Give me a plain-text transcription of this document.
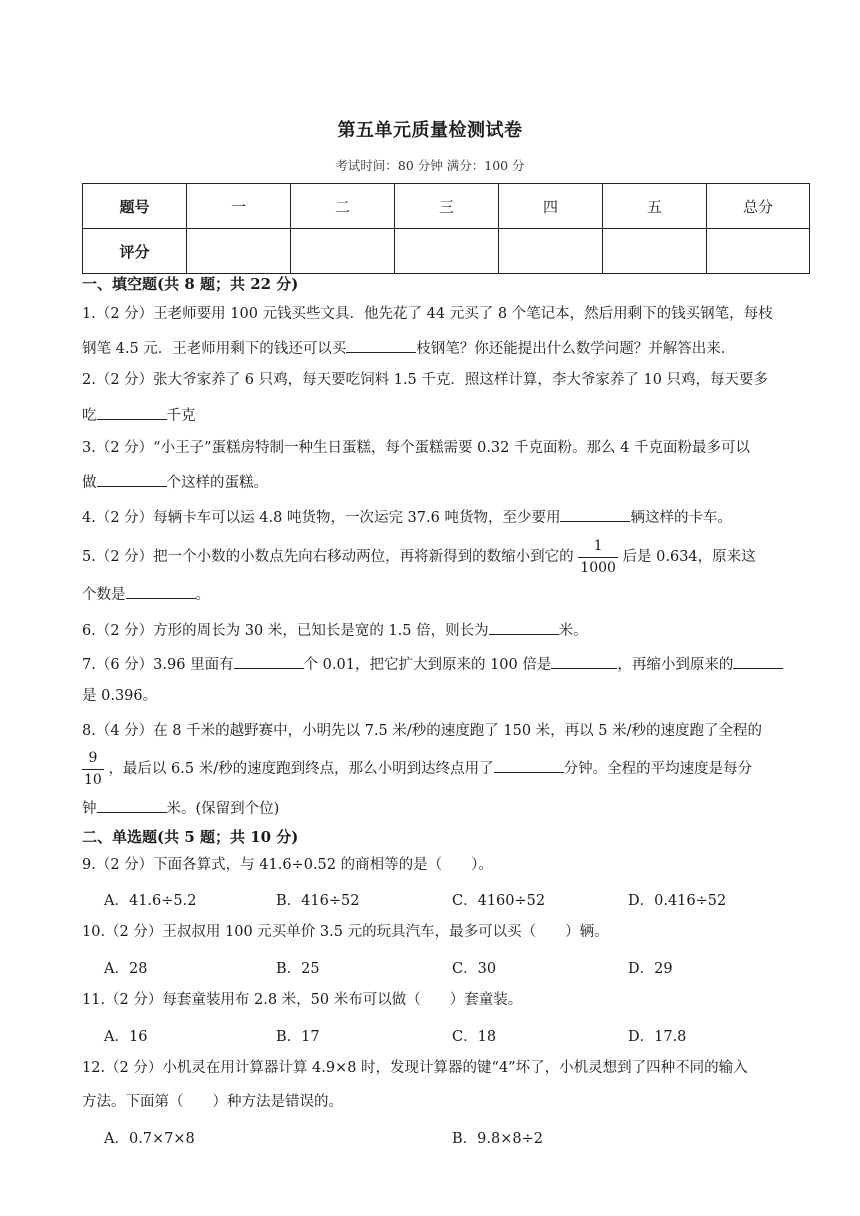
第五单元质量检测试卷
考试时间：80 分钟 满分：100 分
题号	一	二	三	四	五	总分
评分						
一、填空题(共 8 题；共 22 分)
1.（2 分）王老师要用 100 元钱买些文具．他先花了 44 元买了 8 个笔记本，然后用剩下的钱买钢笔，每枝
钢笔 4.5 元．王老师用剩下的钱还可以买	枝钢笔？你还能提出什么数学问题？并解答出来．
2.（2 分）张大爷家养了 6 只鸡，每天要吃饲料 1.5 千克．照这样计算，李大爷家养了 10 只鸡，每天要多
吃	千克
3.（2 分）“小王子”蛋糕房特制一种生日蛋糕，每个蛋糕需要 0.32 千克面粉。那么 4 千克面粉最多可以
做	个这样的蛋糕。
4.（2 分）每辆卡车可以运 4.8 吨货物，一次运完 37.6 吨货物，至少要用	辆这样的卡车。
5.（2 分）把一个小数的小数点先向右移动两位，再将新得到的数缩小到它的 $\frac{1}{1000}$ 后是 0.634，原来这
个数是	。
6.（2 分）方形的周长为 30 米，已知长是宽的 1.5 倍，则长为	米。
7.（6 分）3.96 里面有	个 0.01，把它扩大到原来的 100 倍是	，再缩小到原来的
是 0.396。
8.（4 分）在 8 千米的越野赛中，小明先以 7.5 米/秒的速度跑了 150 米，再以 5 米/秒的速度跑了全程的
$\frac{9}{10}$ ，最后以 6.5 米/秒的速度跑到终点，那么小明到达终点用了	分钟。全程的平均速度是每分
钟	米。(保留到个位)
二、单选题(共 5 题；共 10 分)
9.（2 分）下面各算式，与 41.6÷0.52 的商相等的是（　　）。
A．41.6÷5.2	B．416÷52	C．4160÷52	D．0.416÷52
10.（2 分）王叔叔用 100 元买单价 3.5 元的玩具汽车，最多可以买（　　）辆。
A．28	B．25	C．30	D．29
11.（2 分）每套童装用布 2.8 米，50 米布可以做（　　）套童装。
A．16	B．17	C．18	D．17.8
12.（2 分）小机灵在用计算器计算 4.9×8 时，发现计算器的键“4”坏了，小机灵想到了四种不同的输入
方法。下面第（　　）种方法是错误的。
A．0.7×7×8	B．9.8×8÷2
